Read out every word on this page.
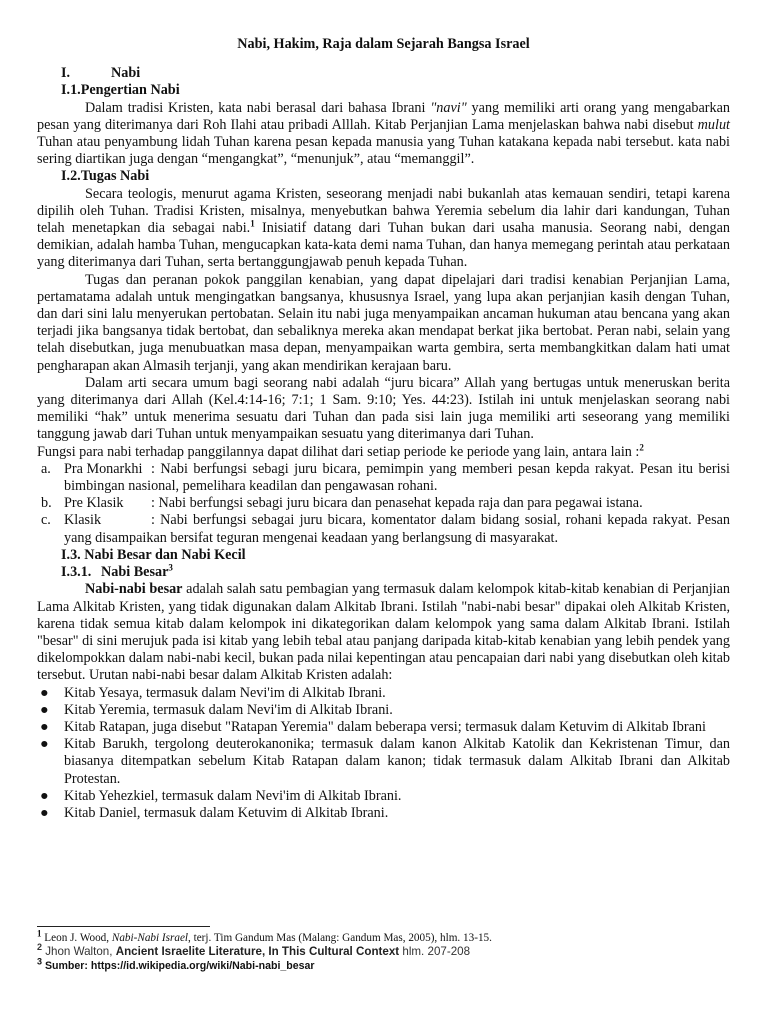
Nabi, Hakim, Raja dalam Sejarah Bangsa Israel

I.	Nabi

I.1.Pengertian Nabi

Dalam tradisi Kristen, kata nabi berasal dari bahasa Ibrani "navi" yang memiliki arti orang yang mengabarkan pesan yang diterimanya dari Roh Ilahi atau pribadi Alllah. Kitab Perjanjian Lama menjelaskan bahwa nabi disebut mulut Tuhan atau penyambung lidah Tuhan karena pesan kepada manusia yang Tuhan katakana kepada nabi tersebut. kata nabi sering diartikan juga dengan “mengangkat”, “menunjuk”, atau “memanggil”.

I.2.Tugas Nabi

Secara teologis, menurut agama Kristen, seseorang menjadi nabi bukanlah atas kemauan sendiri, tetapi karena dipilih oleh Tuhan. Tradisi Kristen, misalnya, menyebutkan bahwa Yeremia sebelum dia lahir dari kandungan, Tuhan telah menetapkan dia sebagai nabi.$^1$ Inisiatif datang dari Tuhan bukan dari usaha manusia. Seorang nabi, dengan demikian, adalah hamba Tuhan, mengucapkan kata-kata demi nama Tuhan, dan hanya memegang perintah atau perkataan yang diterimanya dari Tuhan, serta bertanggungjawab penuh kepada Tuhan.

Tugas dan peranan pokok panggilan kenabian, yang dapat dipelajari dari tradisi kenabian Perjanjian Lama, pertamatama adalah untuk mengingatkan bangsanya, khususnya Israel, yang lupa akan perjanjian kasih dengan Tuhan, dan dari sini lalu menyerukan pertobatan. Selain itu nabi juga menyampaikan ancaman hukuman atau bencana yang akan terjadi jika bangsanya tidak bertobat, dan sebaliknya mereka akan mendapat berkat jika bertobat. Peran nabi, selain yang telah disebutkan, juga menubuatkan masa depan, menyampaikan warta gembira, serta membangkitkan dalam hati umat pengharapan akan Almasih terjanji, yang akan mendirikan kerajaan baru.

Dalam arti secara umum bagi seorang nabi adalah “juru bicara” Allah yang bertugas untuk meneruskan berita yang diterimanya dari Allah (Kel.4:14-16; 7:1; 1 Sam. 9:10; Yes. 44:23). Istilah ini untuk menjelaskan seorang nabi memiliki “hak” untuk menerima sesuatu dari Tuhan dan pada sisi lain juga memiliki arti seseorang yang memiliki tanggung jawab dari Tuhan untuk menyampaikan sesuatu yang diterimanya dari Tuhan.

Fungsi para nabi terhadap panggilannya dapat dilihat dari setiap periode ke periode yang lain, antara lain :$^2$

a. Pra Monarkhi : Nabi berfungsi sebagi juru bicara, pemimpin yang memberi pesan kepda rakyat. Pesan itu berisi bimbingan nasional, pemelihara keadilan dan pengawasan rohani.
b. Pre Klasik : Nabi berfungsi sebagi juru bicara dan penasehat kepada raja dan para pegawai istana.
c. Klasik	: Nabi berfungsi sebagai juru bicara, komentator dalam bidang sosial, rohani kepada rakyat. Pesan yang disampaikan bersifat teguran mengenai keadaan yang berlangsung di masyarakat.

I.3. Nabi Besar dan Nabi Kecil

I.3.1. Nabi Besar$^3$

Nabi-nabi besar adalah salah satu pembagian yang termasuk dalam kelompok kitab-kitab kenabian di Perjanjian Lama Alkitab Kristen, yang tidak digunakan dalam Alkitab Ibrani. Istilah "nabi-nabi besar" dipakai oleh Alkitab Kristen, karena tidak semua kitab dalam kelompok ini dikategorikan dalam kelompok yang sama dalam Alkitab Ibrani. Istilah "besar" di sini merujuk pada isi kitab yang lebih tebal atau panjang daripada kitab-kitab kenabian yang lebih pendek yang dikelompokkan dalam nabi-nabi kecil, bukan pada nilai kepentingan atau pencapaian dari nabi yang disebutkan oleh kitab tersebut. Urutan nabi-nabi besar dalam Alkitab Kristen adalah:

● Kitab Yesaya, termasuk dalam Nevi'im di Alkitab Ibrani.
● Kitab Yeremia, termasuk dalam Nevi'im di Alkitab Ibrani.
● Kitab Ratapan, juga disebut "Ratapan Yeremia" dalam beberapa versi; termasuk dalam Ketuvim di Alkitab Ibrani
● Kitab Barukh, tergolong deuterokanonika; termasuk dalam kanon Alkitab Katolik dan Kekristenan Timur, dan biasanya ditempatkan sebelum Kitab Ratapan dalam kanon; tidak termasuk dalam Alkitab Ibrani dan Alkitab Protestan.
● Kitab Yehezkiel, termasuk dalam Nevi'im di Alkitab Ibrani.
● Kitab Daniel, termasuk dalam Ketuvim di Alkitab Ibrani.

$^1$ Leon J. Wood, Nabi-Nabi Israel, terj. Tim Gandum Mas (Malang: Gandum Mas, 2005), hlm. 13-15.

$^2$ Jhon Walton, Ancient Israelite Literature, In This Cultural Context hlm. 207-208

$^3$ Sumber: https://id.wikipedia.org/wiki/Nabi-nabi_besar
